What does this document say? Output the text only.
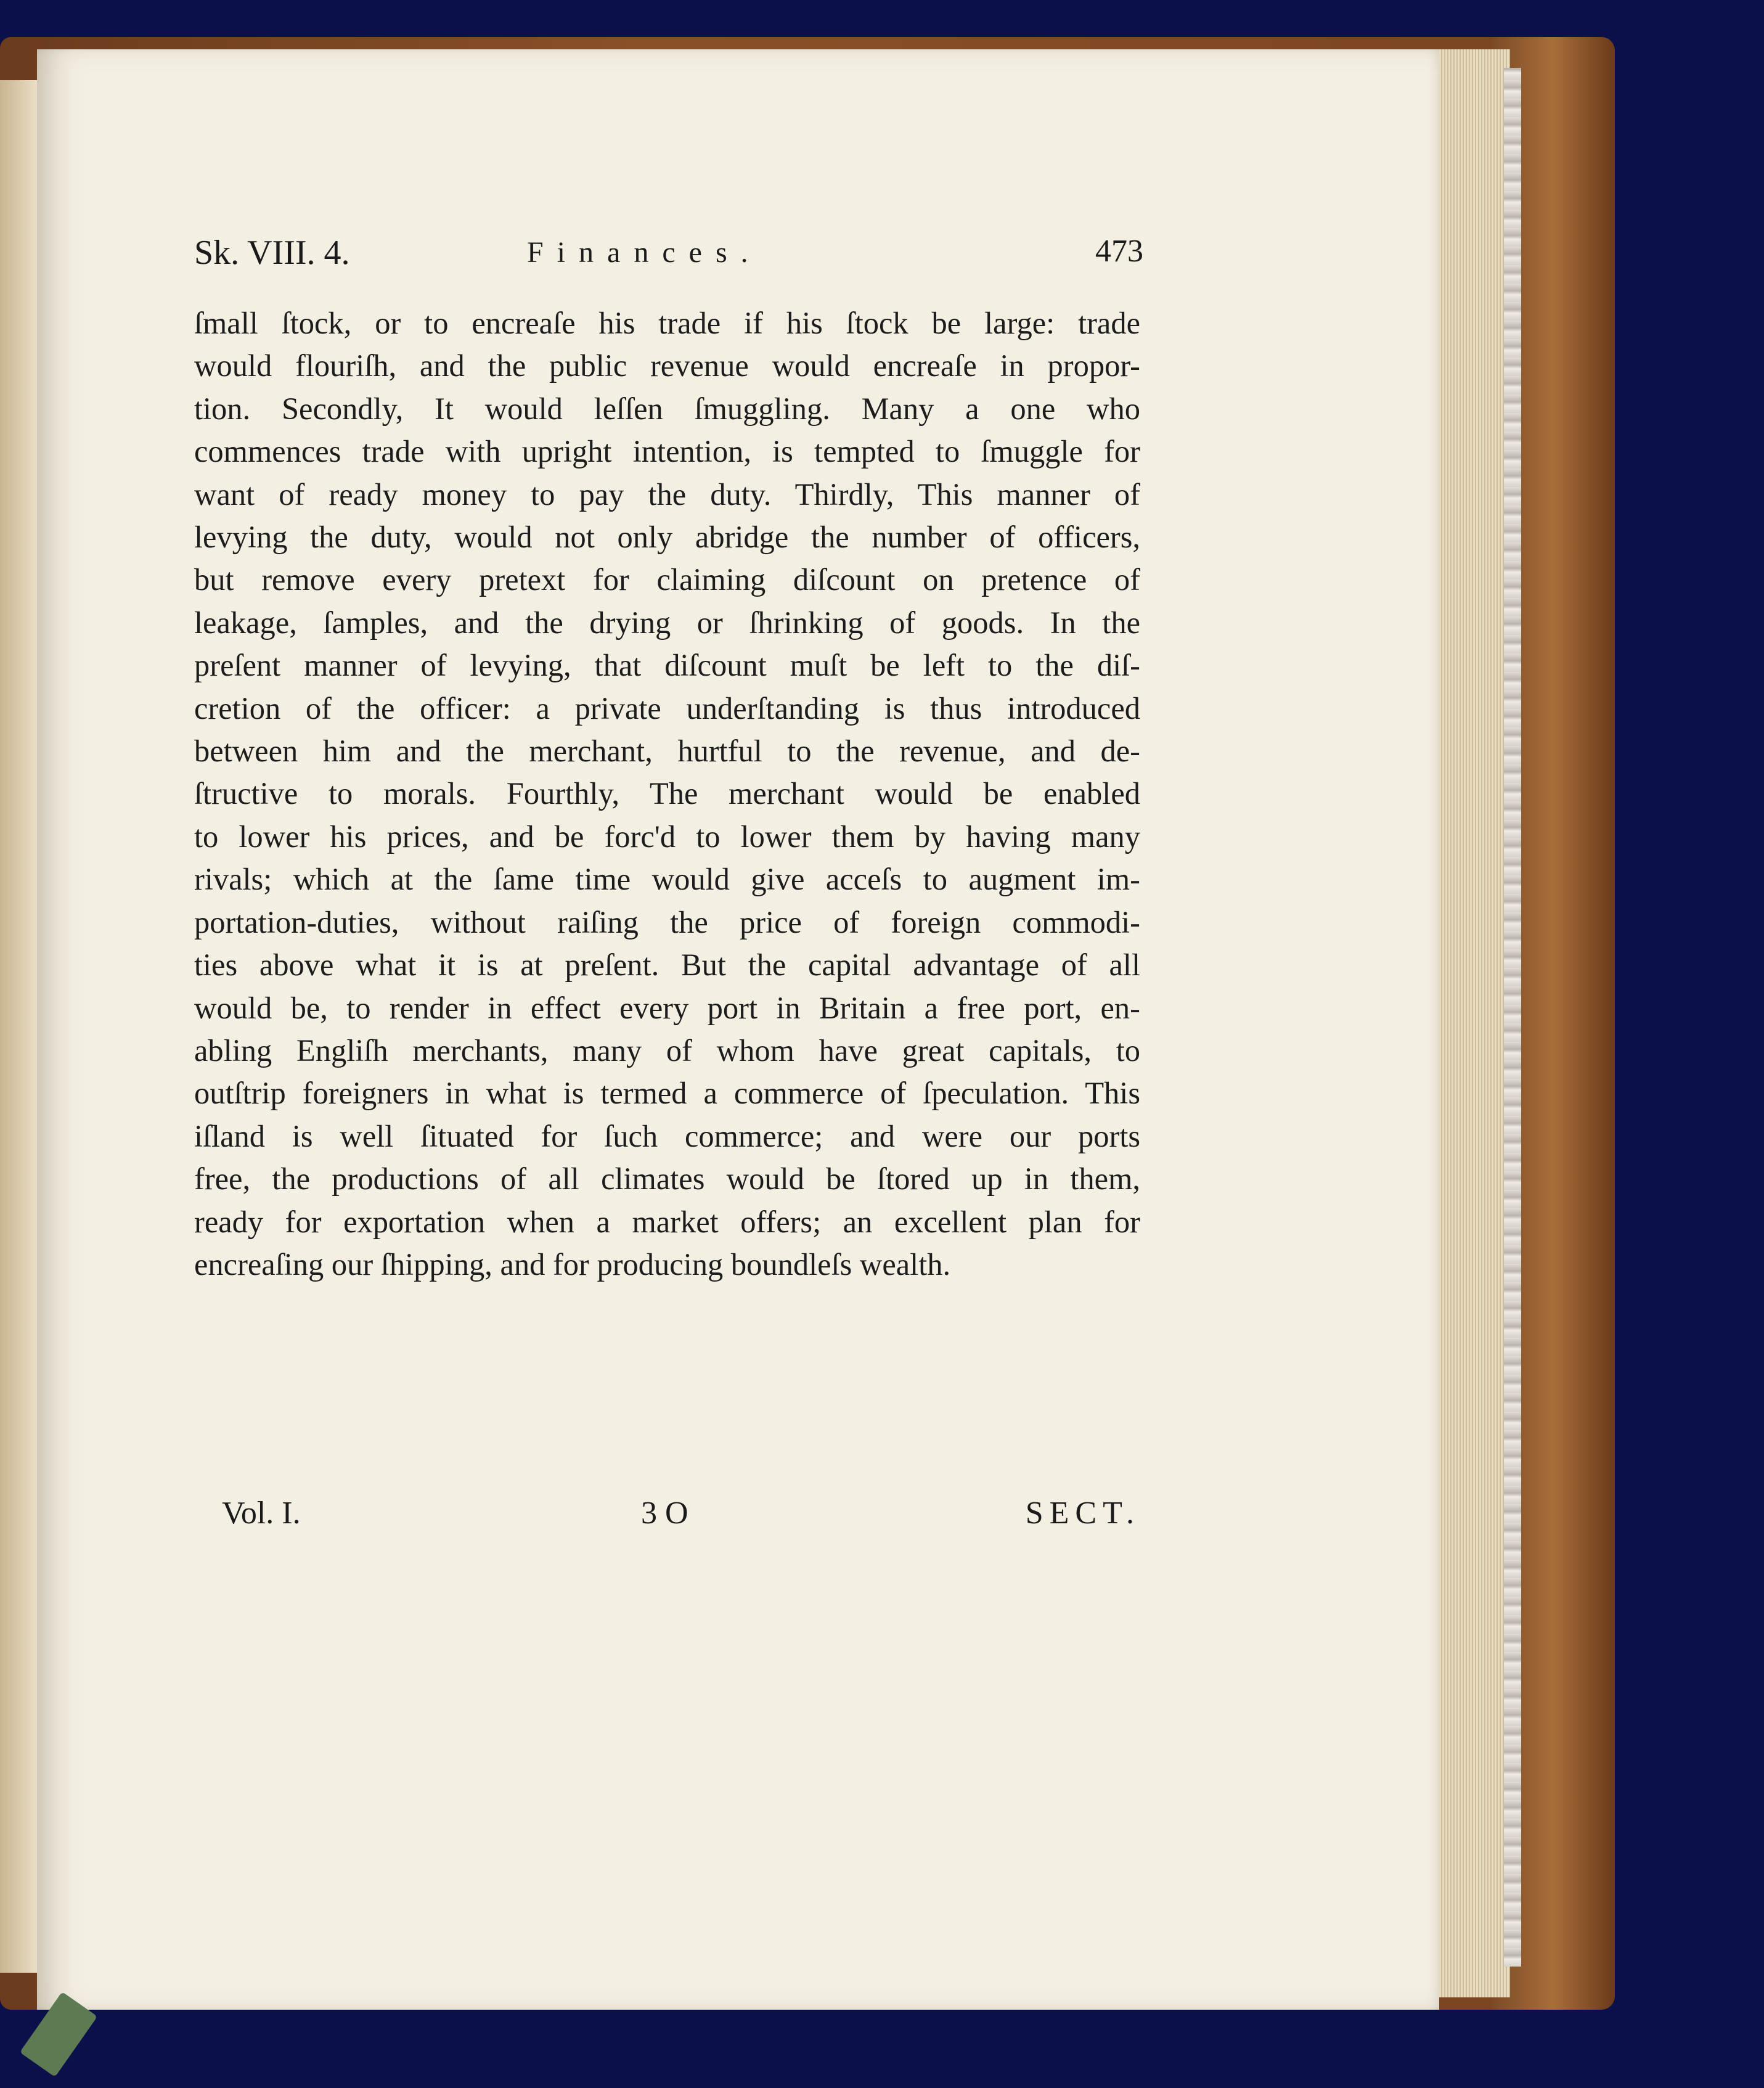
Sk. VIII. 4.	Finances.	473
ſmall ſtock, or to encreaſe his trade if his ſtock be large: trade
would flouriſh, and the public revenue would encreaſe in propor-
tion. Secondly, It would leſſen ſmuggling. Many a one who
commences trade with upright intention, is tempted to ſmuggle for
want of ready money to pay the duty. Thirdly, This manner of
levying the duty, would not only abridge the number of officers,
but remove every pretext for claiming diſcount on pretence of
leakage, ſamples, and the drying or ſhrinking of goods. In the
preſent manner of levying, that diſcount muſt be left to the diſ-
cretion of the officer: a private underſtanding is thus introduced
between him and the merchant, hurtful to the revenue, and de-
ſtructive to morals. Fourthly, The merchant would be enabled
to lower his prices, and be forc'd to lower them by having many
rivals; which at the ſame time would give acceſs to augment im-
portation-duties, without raiſing the price of foreign commodi-
ties above what it is at preſent. But the capital advantage of all
would be, to render in effect every port in Britain a free port, en-
abling Engliſh merchants, many of whom have great capitals, to
outſtrip foreigners in what is termed a commerce of ſpeculation. This
iſland is well ſituated for ſuch commerce; and were our ports
free, the productions of all climates would be ſtored up in them,
ready for exportation when a market offers; an excellent plan for
encreaſing our ſhipping, and for producing boundleſs wealth.
Vol. I.	3 O	SECT.
